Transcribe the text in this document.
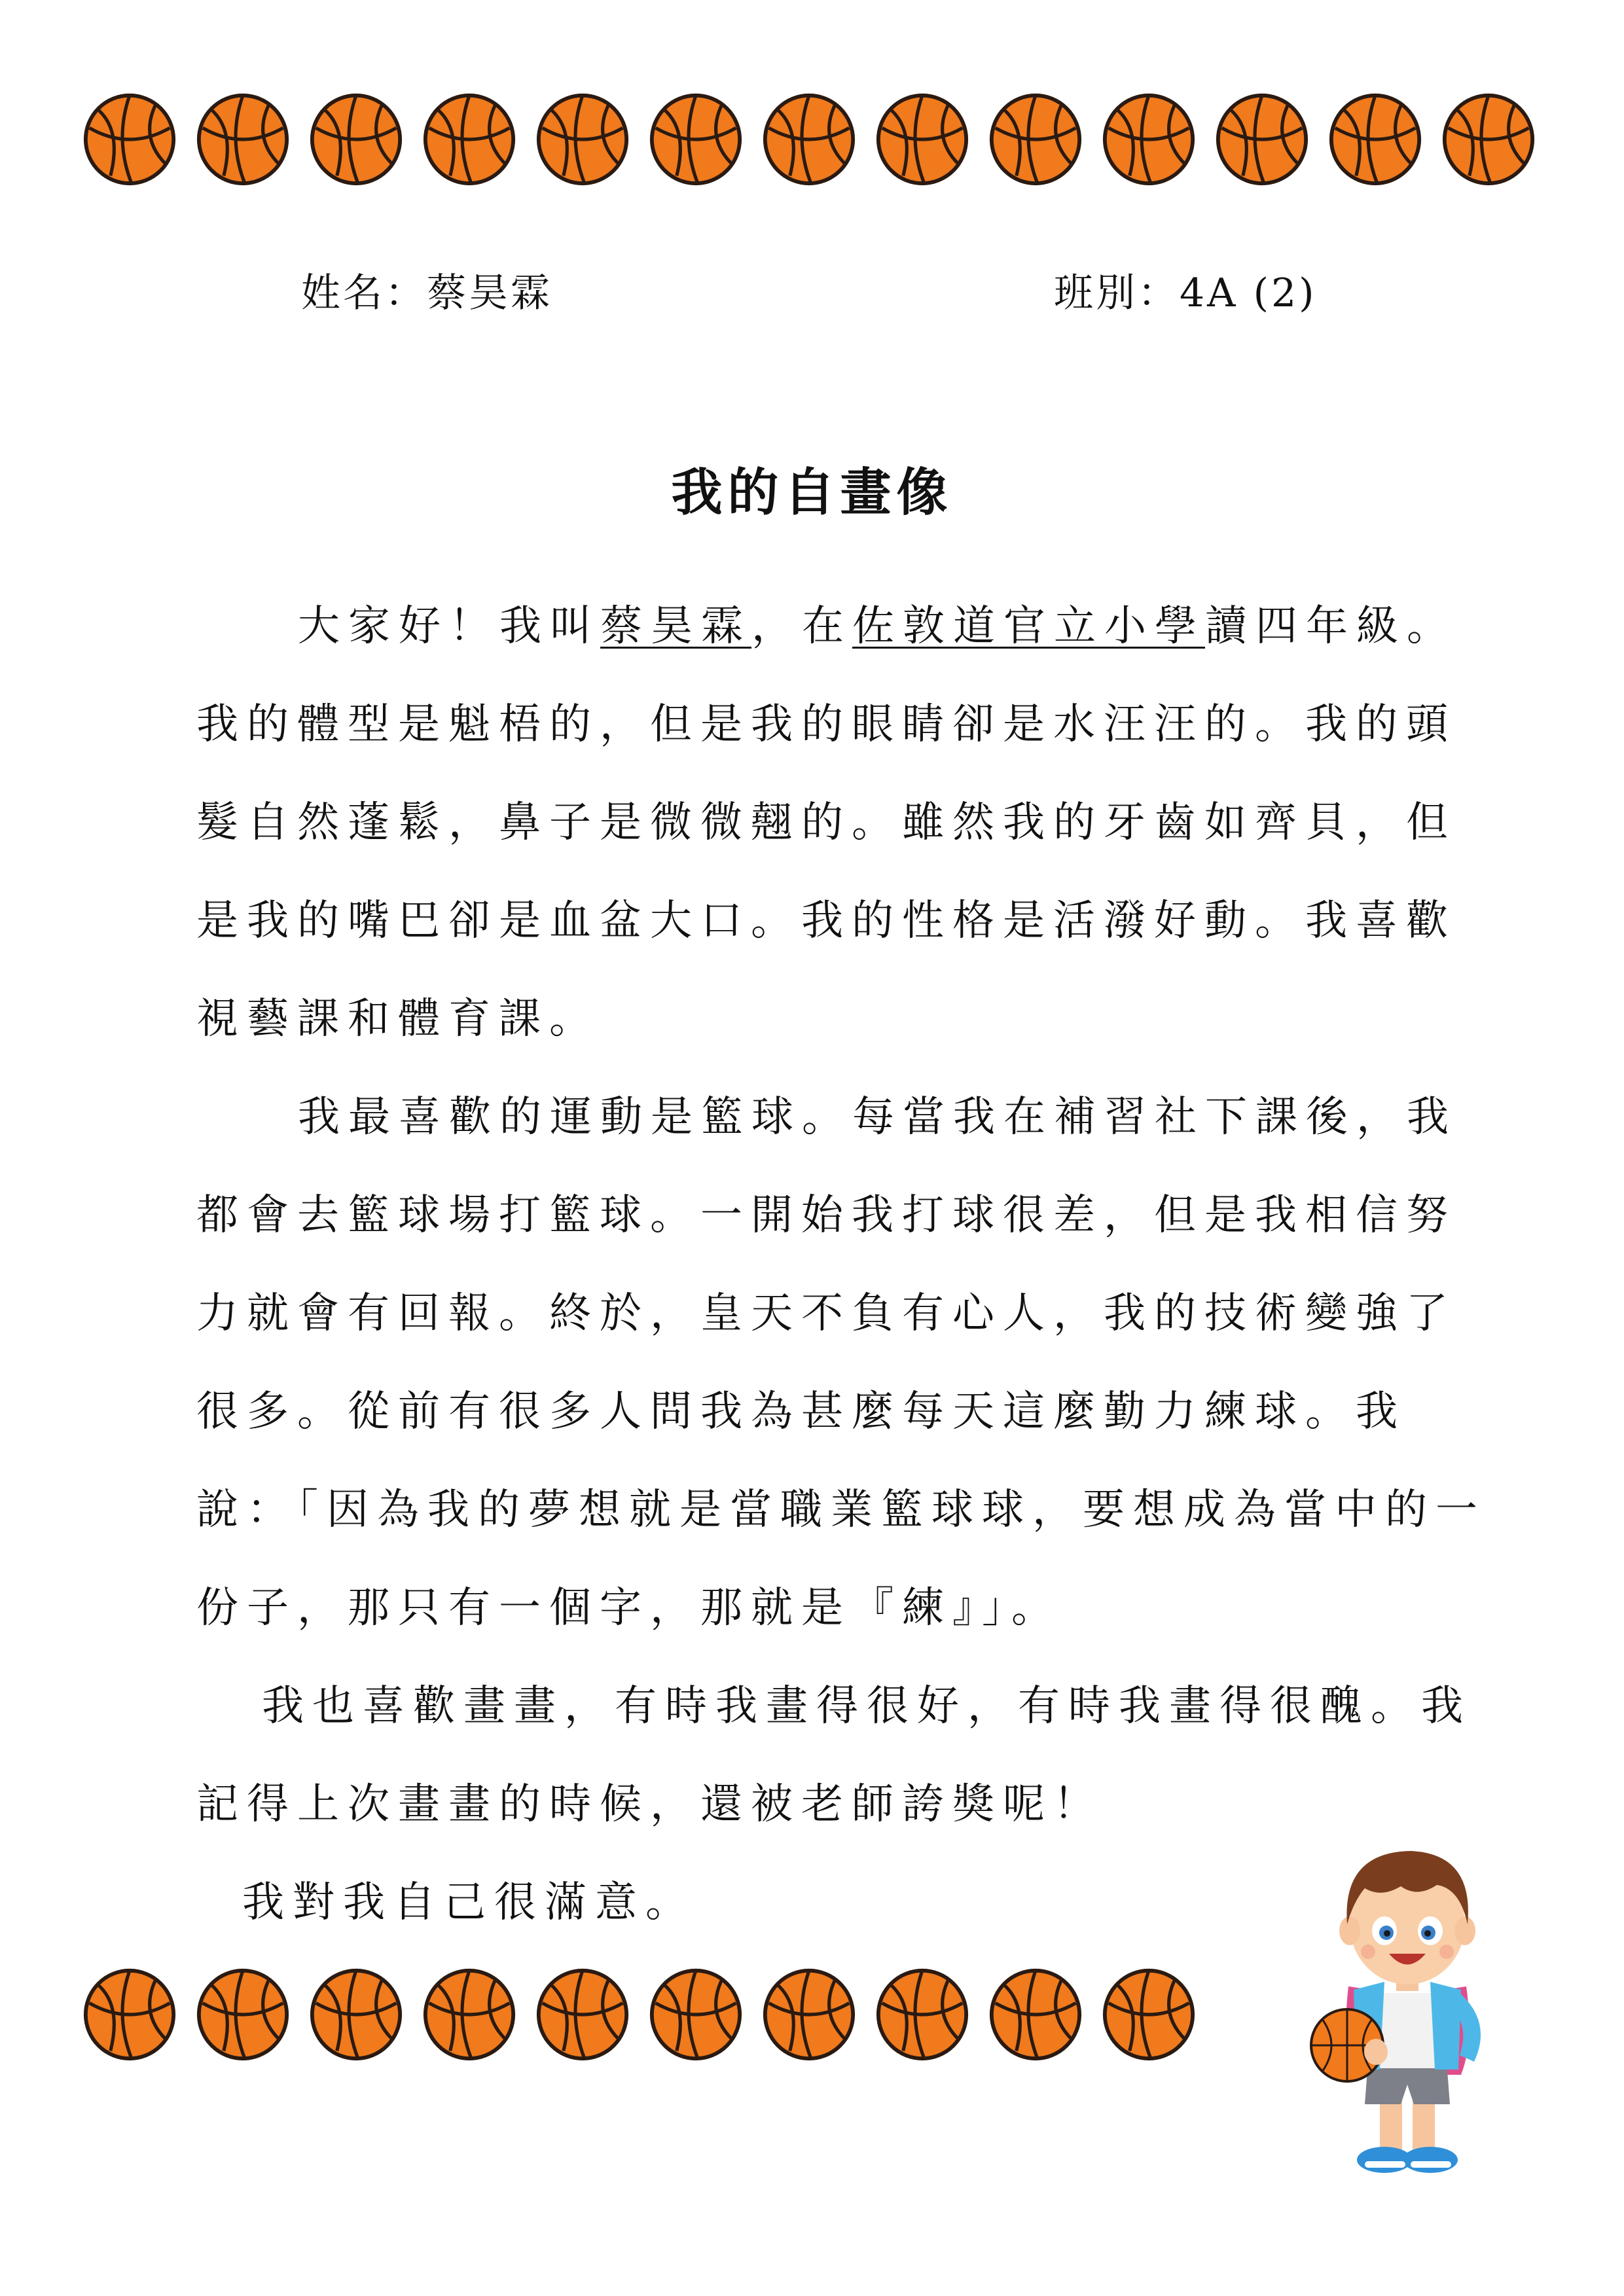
姓名：蔡昊霖	班別：4A (2)
我的自畫像
大家好！我叫蔡昊霖，在佐敦道官立小學讀四年級。
我的體型是魁梧的，但是我的眼睛卻是水汪汪的。我的頭
髮自然蓬鬆，鼻子是微微翹的。雖然我的牙齒如齊貝，但
是我的嘴巴卻是血盆大口。我的性格是活潑好動。我喜歡
視藝課和體育課。
我最喜歡的運動是籃球。每當我在補習社下課後，我
都會去籃球場打籃球。一開始我打球很差，但是我相信努
力就會有回報。終於，皇天不負有心人，我的技術變強了
很多。從前有很多人問我為甚麼每天這麼勤力練球。我
說：「因為我的夢想就是當職業籃球球，要想成為當中的一
份子，那只有一個字，那就是『練』」。
我也喜歡畫畫，有時我畫得很好，有時我畫得很醜。我
記得上次畫畫的時候，還被老師誇獎呢！
我對我自己很滿意。
